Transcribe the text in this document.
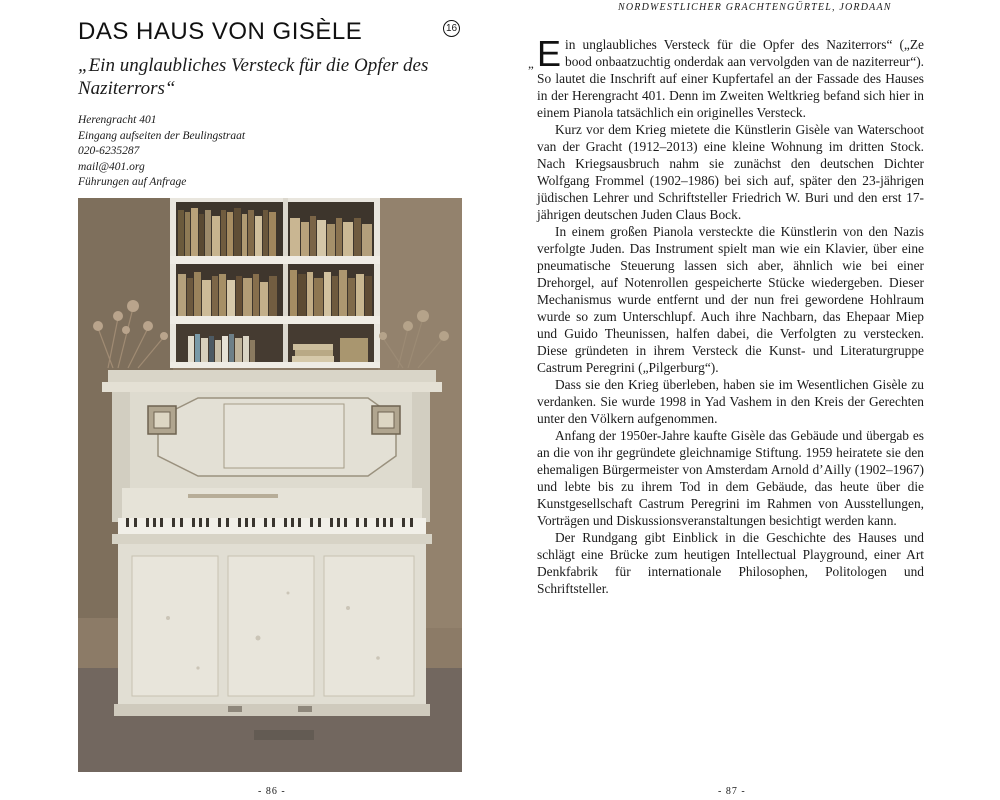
DAS HAUS VON GISÈLE	16

„Ein unglaubliches Versteck für die Opfer des Naziterrors“

Herengracht 401
Eingang aufseiten der Beulingstraat
020-6235287
mail@401.org
Führungen auf Anfrage
- 86 -
NORDWESTLICHER GRACHTENGÜRTEL, JORDAAN
„ Ein unglaubliches Versteck für die Opfer des Naziterrors“ („Ze bood onbaatzuchtig onderdak aan vervolgden van de naziterreur“). So lautet die Inschrift auf einer Kupfertafel an der Fassade des Hauses in der Herengracht 401. Denn im Zweiten Weltkrieg befand sich hier in einem Pianola tatsächlich ein originelles Versteck.

Kurz vor dem Krieg mietete die Künstlerin Gisèle van Waterschoot van der Gracht (1912–2013) eine kleine Wohnung im dritten Stock. Nach Kriegsausbruch nahm sie zunächst den deutschen Dichter Wolfgang Frommel (1902–1986) bei sich auf, später den 23-jährigen jüdischen Lehrer und Schriftsteller Friedrich W. Buri und den erst 17-jährigen deutschen Juden Claus Bock.

In einem großen Pianola versteckte die Künstlerin von den Nazis verfolgte Juden. Das Instrument spielt man wie ein Klavier, über eine pneumatische Steuerung lassen sich aber, ähnlich wie bei einer Drehorgel, auf Notenrollen gespeicherte Stücke wiedergeben. Dieser Mechanismus wurde entfernt und der nun frei gewordene Hohlraum wurde so zum Unterschlupf. Auch ihre Nachbarn, das Ehepaar Miep und Guido Theunissen, halfen dabei, die Verfolgten zu verstecken. Diese gründeten in ihrem Versteck die Kunst- und Literaturgruppe Castrum Peregrini („Pilgerburg“).

Dass sie den Krieg überleben, haben sie im Wesentlichen Gisèle zu verdanken. Sie wurde 1998 in Yad Vashem in den Kreis der Gerechten unter den Völkern aufgenommen.

Anfang der 1950er-Jahre kaufte Gisèle das Gebäude und übergab es an die von ihr gegründete gleichnamige Stiftung. 1959 heiratete sie den ehemaligen Bürgermeister von Amsterdam Arnold d’Ailly (1902–1967) und lebte bis zu ihrem Tod in dem Gebäude, das heute über die Kunstgesellschaft Castrum Peregrini im Rahmen von Ausstellungen, Vorträgen und Diskussionsveranstaltungen besichtigt werden kann.

Der Rundgang gibt Einblick in die Geschichte des Hauses und schlägt eine Brücke zum heutigen Intellectual Playground, einer Art Denkfabrik für internationale Philosophen, Politologen und Schriftsteller.

- 87 -
